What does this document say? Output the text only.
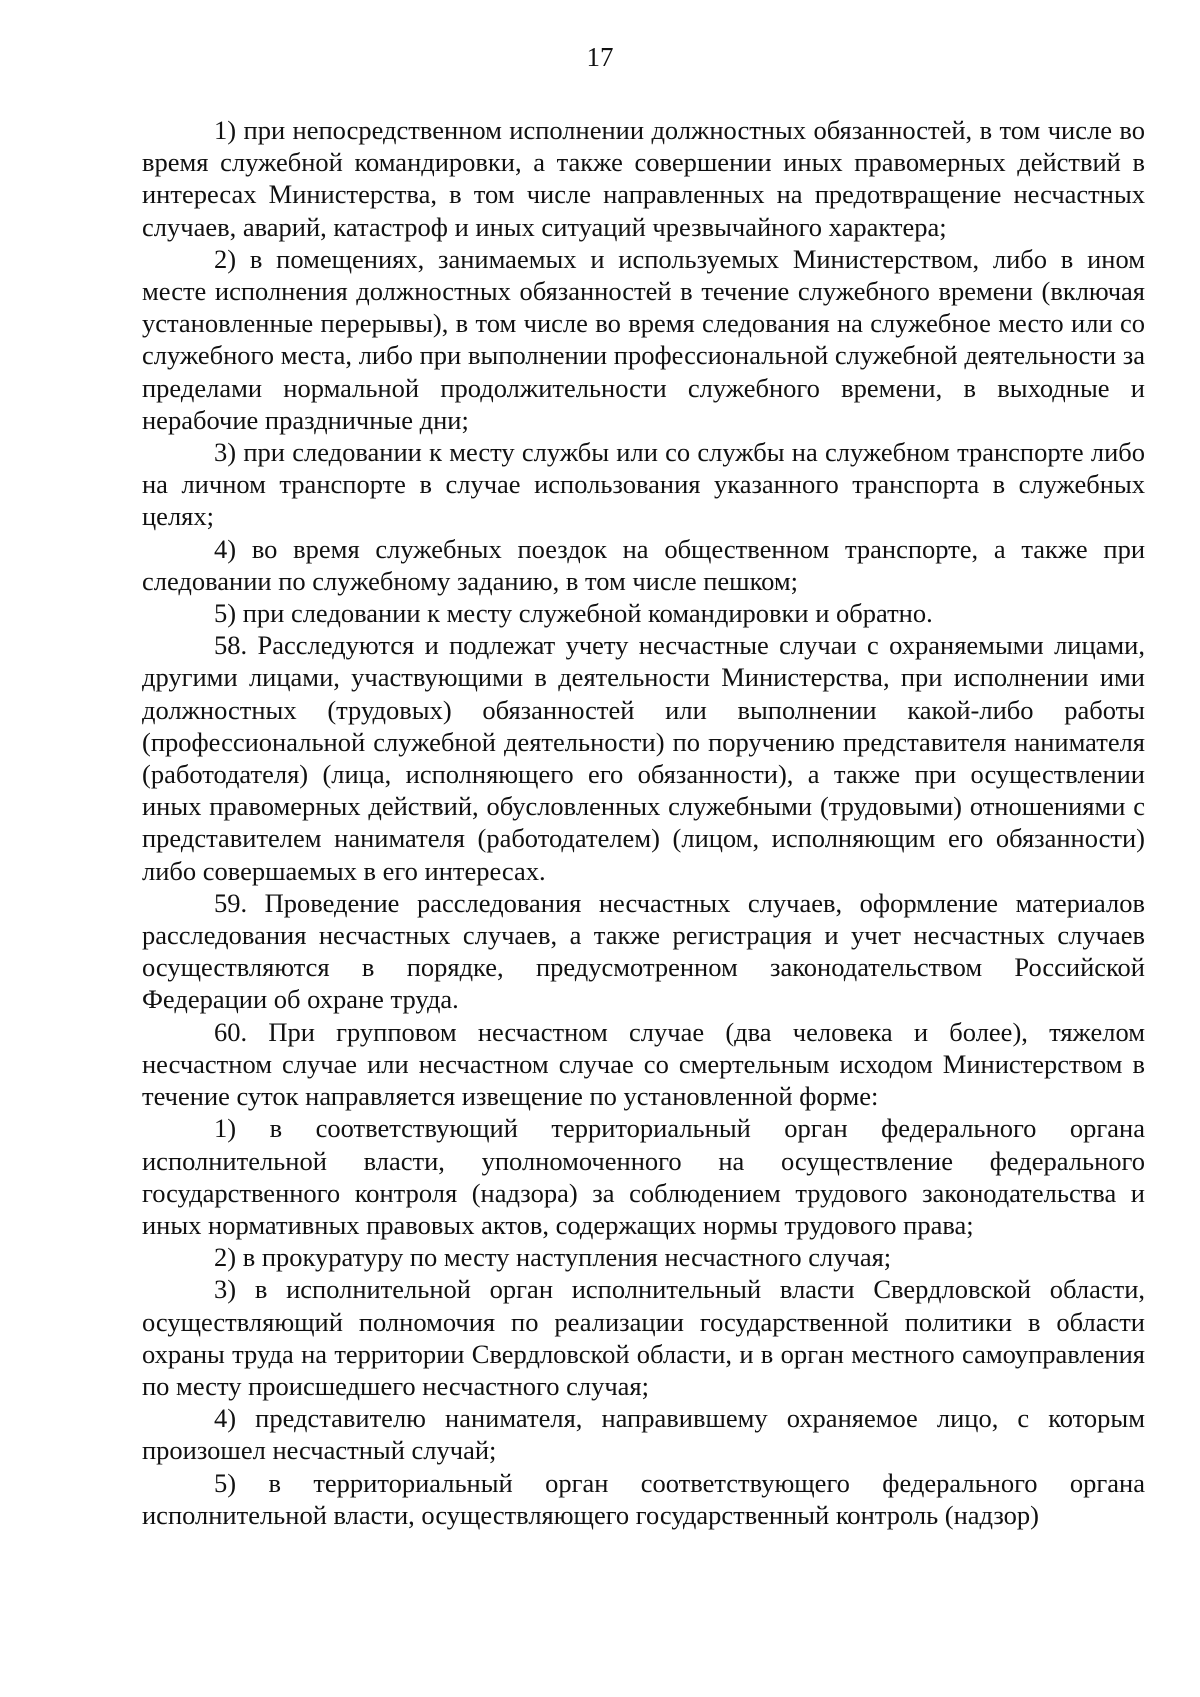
17

1) при непосредственном исполнении должностных обязанностей, в том числе во время служебной командировки, а также совершении иных правомерных действий в интересах Министерства, в том числе направленных на предотвращение несчастных случаев, аварий, катастроф и иных ситуаций чрезвычайного характера;

2) в помещениях, занимаемых и используемых Министерством, либо в ином месте исполнения должностных обязанностей в течение служебного времени (включая установленные перерывы), в том числе во время следования на служебное место или со служебного места, либо при выполнении профессиональной служебной деятельности за пределами нормальной продолжительности служебного времени, в выходные и нерабочие праздничные дни;

3) при следовании к месту службы или со службы на служебном транспорте либо на личном транспорте в случае использования указанного транспорта в служебных целях;

4) во время служебных поездок на общественном транспорте, а также при следовании по служебному заданию, в том числе пешком;

5) при следовании к месту служебной командировки и обратно.

58. Расследуются и подлежат учету несчастные случаи с охраняемыми лицами, другими лицами, участвующими в деятельности Министерства, при исполнении ими должностных (трудовых) обязанностей или выполнении какой-либо работы (профессиональной служебной деятельности) по поручению представителя нанимателя (работодателя) (лица, исполняющего его обязанности), а также при осуществлении иных правомерных действий, обусловленных служебными (трудовыми) отношениями с представителем нанимателя (работодателем) (лицом, исполняющим его обязанности) либо совершаемых в его интересах.

59. Проведение расследования несчастных случаев, оформление материалов расследования несчастных случаев, а также регистрация и учет несчастных случаев осуществляются в порядке, предусмотренном законодательством Российской Федерации об охране труда.

60. При групповом несчастном случае (два человека и более), тяжелом несчастном случае или несчастном случае со смертельным исходом Министерством в течение суток направляется извещение по установленной форме:

1) в соответствующий территориальный орган федерального органа исполнительной власти, уполномоченного на осуществление федерального государственного контроля (надзора) за соблюдением трудового законодательства и иных нормативных правовых актов, содержащих нормы трудового права;

2) в прокуратуру по месту наступления несчастного случая;

3) в исполнительной орган исполнительный власти Свердловской области, осуществляющий полномочия по реализации государственной политики в области охраны труда на территории Свердловской области, и в орган местного самоуправления по месту происшедшего несчастного случая;

4) представителю нанимателя, направившему охраняемое лицо, с которым произошел несчастный случай;

5) в территориальный орган соответствующего федерального органа исполнительной власти, осуществляющего государственный контроль (надзор)
